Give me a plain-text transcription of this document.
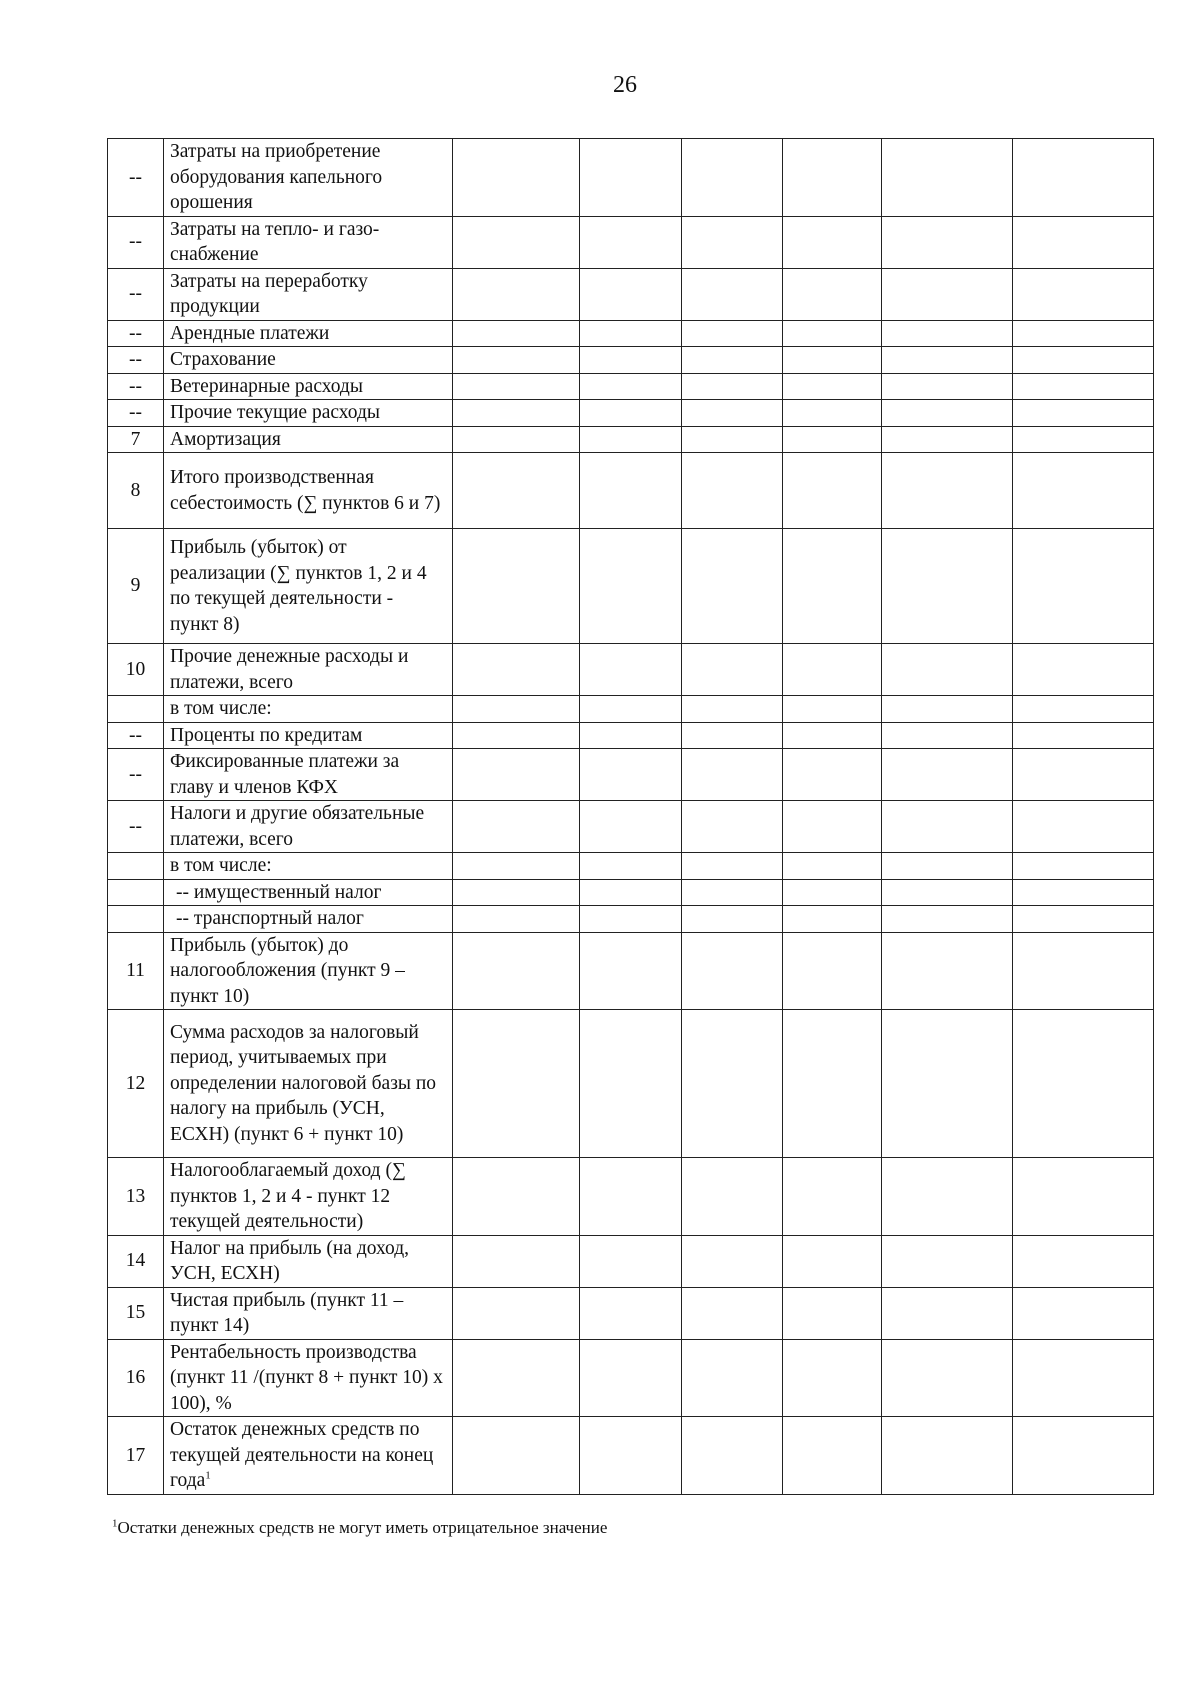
26
--	Затраты на приобретение оборудования капельного орошения						
--	Затраты на тепло- и газо-снабжение						
--	Затраты на переработку продукции						
--	Арендные платежи						
--	Страхование						
--	Ветеринарные расходы						
--	Прочие текущие расходы						
7	Амортизация						
8	Итого производственная себестоимость (∑ пунктов 6 и 7)						
9	Прибыль (убыток) от реализации (∑ пунктов 1, 2 и 4 по текущей деятельности - пункт 8)						
10	Прочие денежные расходы и платежи, всего						
	в том числе:						
--	Проценты по кредитам						
--	Фиксированные платежи за главу и членов КФХ						
--	Налоги и другие обязательные платежи, всего						
	в том числе:						
	-- имущественный налог						
	-- транспортный налог						
11	Прибыль (убыток) до налогообложения (пункт 9 – пункт 10)						
12	Сумма расходов за налоговый период, учитываемых при определении налоговой базы по налогу на прибыль (УСН, ЕСХН) (пункт 6 + пункт 10)						
13	Налогооблагаемый доход (∑ пунктов 1, 2 и 4 - пункт 12 текущей деятельности)						
14	Налог на прибыль (на доход, УСН, ЕСХН)						
15	Чистая прибыль (пункт 11 – пункт 14)						
16	Рентабельность производства (пункт 11 /(пункт 8 + пункт 10) х 100), %						
17	Остаток денежных средств по текущей деятельности на конец года$^1$						
$^1$Остатки денежных средств не могут иметь отрицательное значение
